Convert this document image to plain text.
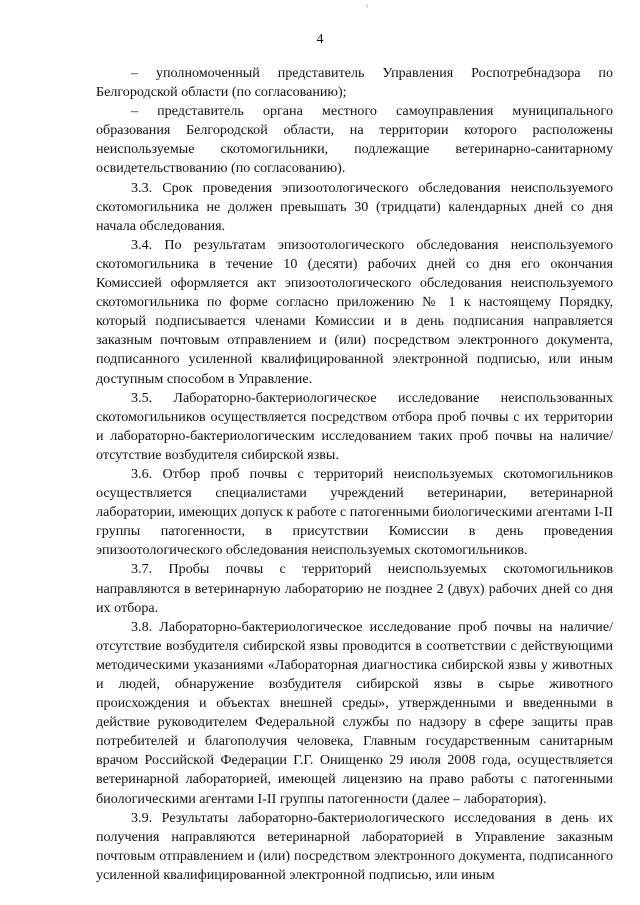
ˢ
4

– уполномоченный представитель Управления Роспотребнадзора по Белгородской области (по согласованию);

– представитель органа местного самоуправления муниципального образования Белгородской области, на территории которого расположены неиспользуемые скотомогильники, подлежащие ветеринарно-санитарному освидетельствованию (по согласованию).

3.3. Срок проведения эпизоотологического обследования неиспользуемого скотомогильника не должен превышать 30 (тридцати) календарных дней со дня начала обследования.

3.4. По результатам эпизоотологического обследования неиспользуемого скотомогильника в течение 10 (десяти) рабочих дней со дня его окончания Комиссией оформляется акт эпизоотологического обследования неиспользуемого скотомогильника по форме согласно приложению № 1 к настоящему Порядку, который подписывается членами Комиссии и в день подписания направляется заказным почтовым отправлением и (или) посредством электронного документа, подписанного усиленной квалифицированной электронной подписью, или иным доступным способом в Управление.

3.5. Лабораторно-бактериологическое исследование неиспользованных скотомогильников осуществляется посредством отбора проб почвы с их территории и лабораторно-бактериологическим исследованием таких проб почвы на наличие/отсутствие возбудителя сибирской язвы.

3.6. Отбор проб почвы с территорий неиспользуемых скотомогильников осуществляется специалистами учреждений ветеринарии, ветеринарной лаборатории, имеющих допуск к работе с патогенными биологическими агентами I-II группы патогенности, в присутствии Комиссии в день проведения эпизоотологического обследования неиспользуемых скотомогильников.

3.7. Пробы почвы с территорий неиспользуемых скотомогильников направляются в ветеринарную лабораторию не позднее 2 (двух) рабочих дней со дня их отбора.

3.8. Лабораторно-бактериологическое исследование проб почвы на наличие/отсутствие возбудителя сибирской язвы проводится в соответствии с действующими методическими указаниями «Лабораторная диагностика сибирской язвы у животных и людей, обнаружение возбудителя сибирской язвы в сырье животного происхождения и объектах внешней среды», утвержденными и введенными в действие руководителем Федеральной службы по надзору в сфере защиты прав потребителей и благополучия человека, Главным государственным санитарным врачом Российской Федерации Г.Г. Онищенко 29 июля 2008 года, осуществляется ветеринарной лабораторией, имеющей лицензию на право работы с патогенными биологическими агентами I-II группы патогенности (далее – лаборатория).

3.9. Результаты лабораторно-бактериологического исследования в день их получения направляются ветеринарной лабораторией в Управление заказным почтовым отправлением и (или) посредством электронного документа, подписанного усиленной квалифицированной электронной подписью, или иным
